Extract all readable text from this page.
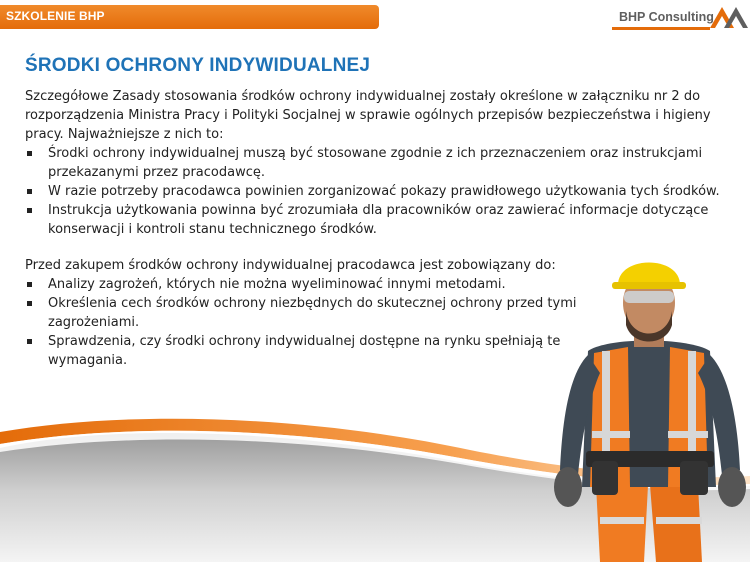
SZKOLENIE BHP	BHP Consulting
ŚRODKI OCHRONY INDYWIDUALNEJ

Szczegółowe Zasady stosowania środków ochrony indywidualnej zostały określone w załączniku nr 2 do rozporządzenia Ministra Pracy i Polityki Socjalnej w sprawie ogólnych przepisów bezpieczeństwa i higieny pracy. Najważniejsze z nich to:

Środki ochrony indywidualnej muszą być stosowane zgodnie z ich przeznaczeniem oraz instrukcjami przekazanymi przez pracodawcę.
W razie potrzeby pracodawca powinien zorganizować pokazy prawidłowego użytkowania tych środków.
Instrukcja użytkowania powinna być zrozumiała dla pracowników oraz zawierać informacje dotyczące konserwacji i kontroli stanu technicznego środków.

Przed zakupem środków ochrony indywidualnej pracodawca jest zobowiązany do:

Analizy zagrożeń, których nie można wyeliminować innymi metodami.
Określenia cech środków ochrony niezbędnych do skutecznej ochrony przed tymi zagrożeniami.
Sprawdzenia, czy środki ochrony indywidualnej dostępne na rynku spełniają te wymagania.
